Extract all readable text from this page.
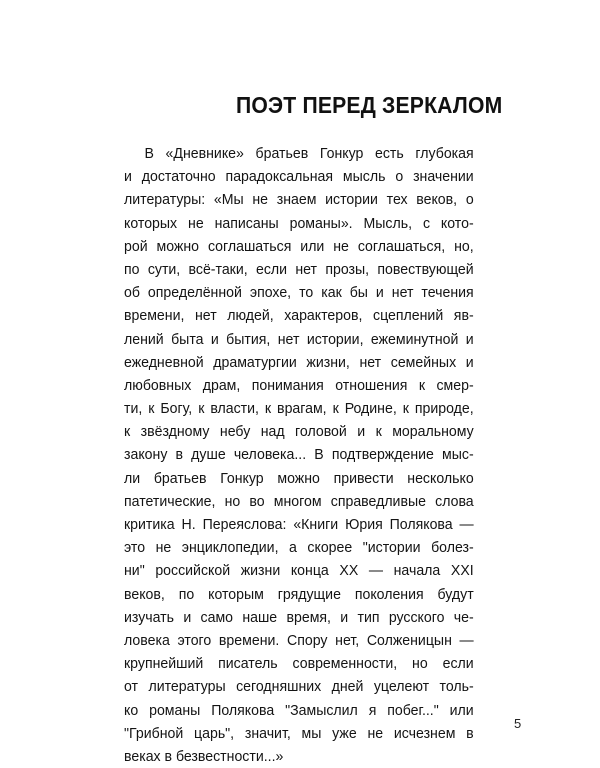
ПОЭТ ПЕРЕД ЗЕРКАЛОМ
В «Дневнике» братьев Гонкур есть глубокая
и достаточно парадоксальная мысль о значении
литературы: «Мы не знаем истории тех веков, о
которых не написаны романы». Мысль, с кото-
рой можно соглашаться или не соглашаться, но,
по сути, всё-таки, если нет прозы, повествующей
об определённой эпохе, то как бы и нет течения
времени, нет людей, характеров, сцеплений яв-
лений быта и бытия, нет истории, ежеминутной и
ежедневной драматургии жизни, нет семейных и
любовных драм, понимания отношения к смер-
ти, к Богу, к власти, к врагам, к Родине, к природе,
к звёздному небу над головой и к моральному
закону в душе человека... В подтверждение мыс-
ли братьев Гонкур можно привести несколько
патетические, но во многом справедливые слова
критика Н. Переяслова: «Книги Юрия Полякова —
это не энциклопедии, а скорее "истории болез-
ни" российской жизни конца XX — начала XXI
веков, по которым грядущие поколения будут
изучать и само наше время, и тип русского че-
ловека этого времени. Спору нет, Солженицын —
крупнейший писатель современности, но если
от литературы сегодняшних дней уцелеют толь-
ко романы Полякова "Замыслил я побег..." или
"Грибной царь", значит, мы уже не исчезнем в
веках в безвестности...»
5
